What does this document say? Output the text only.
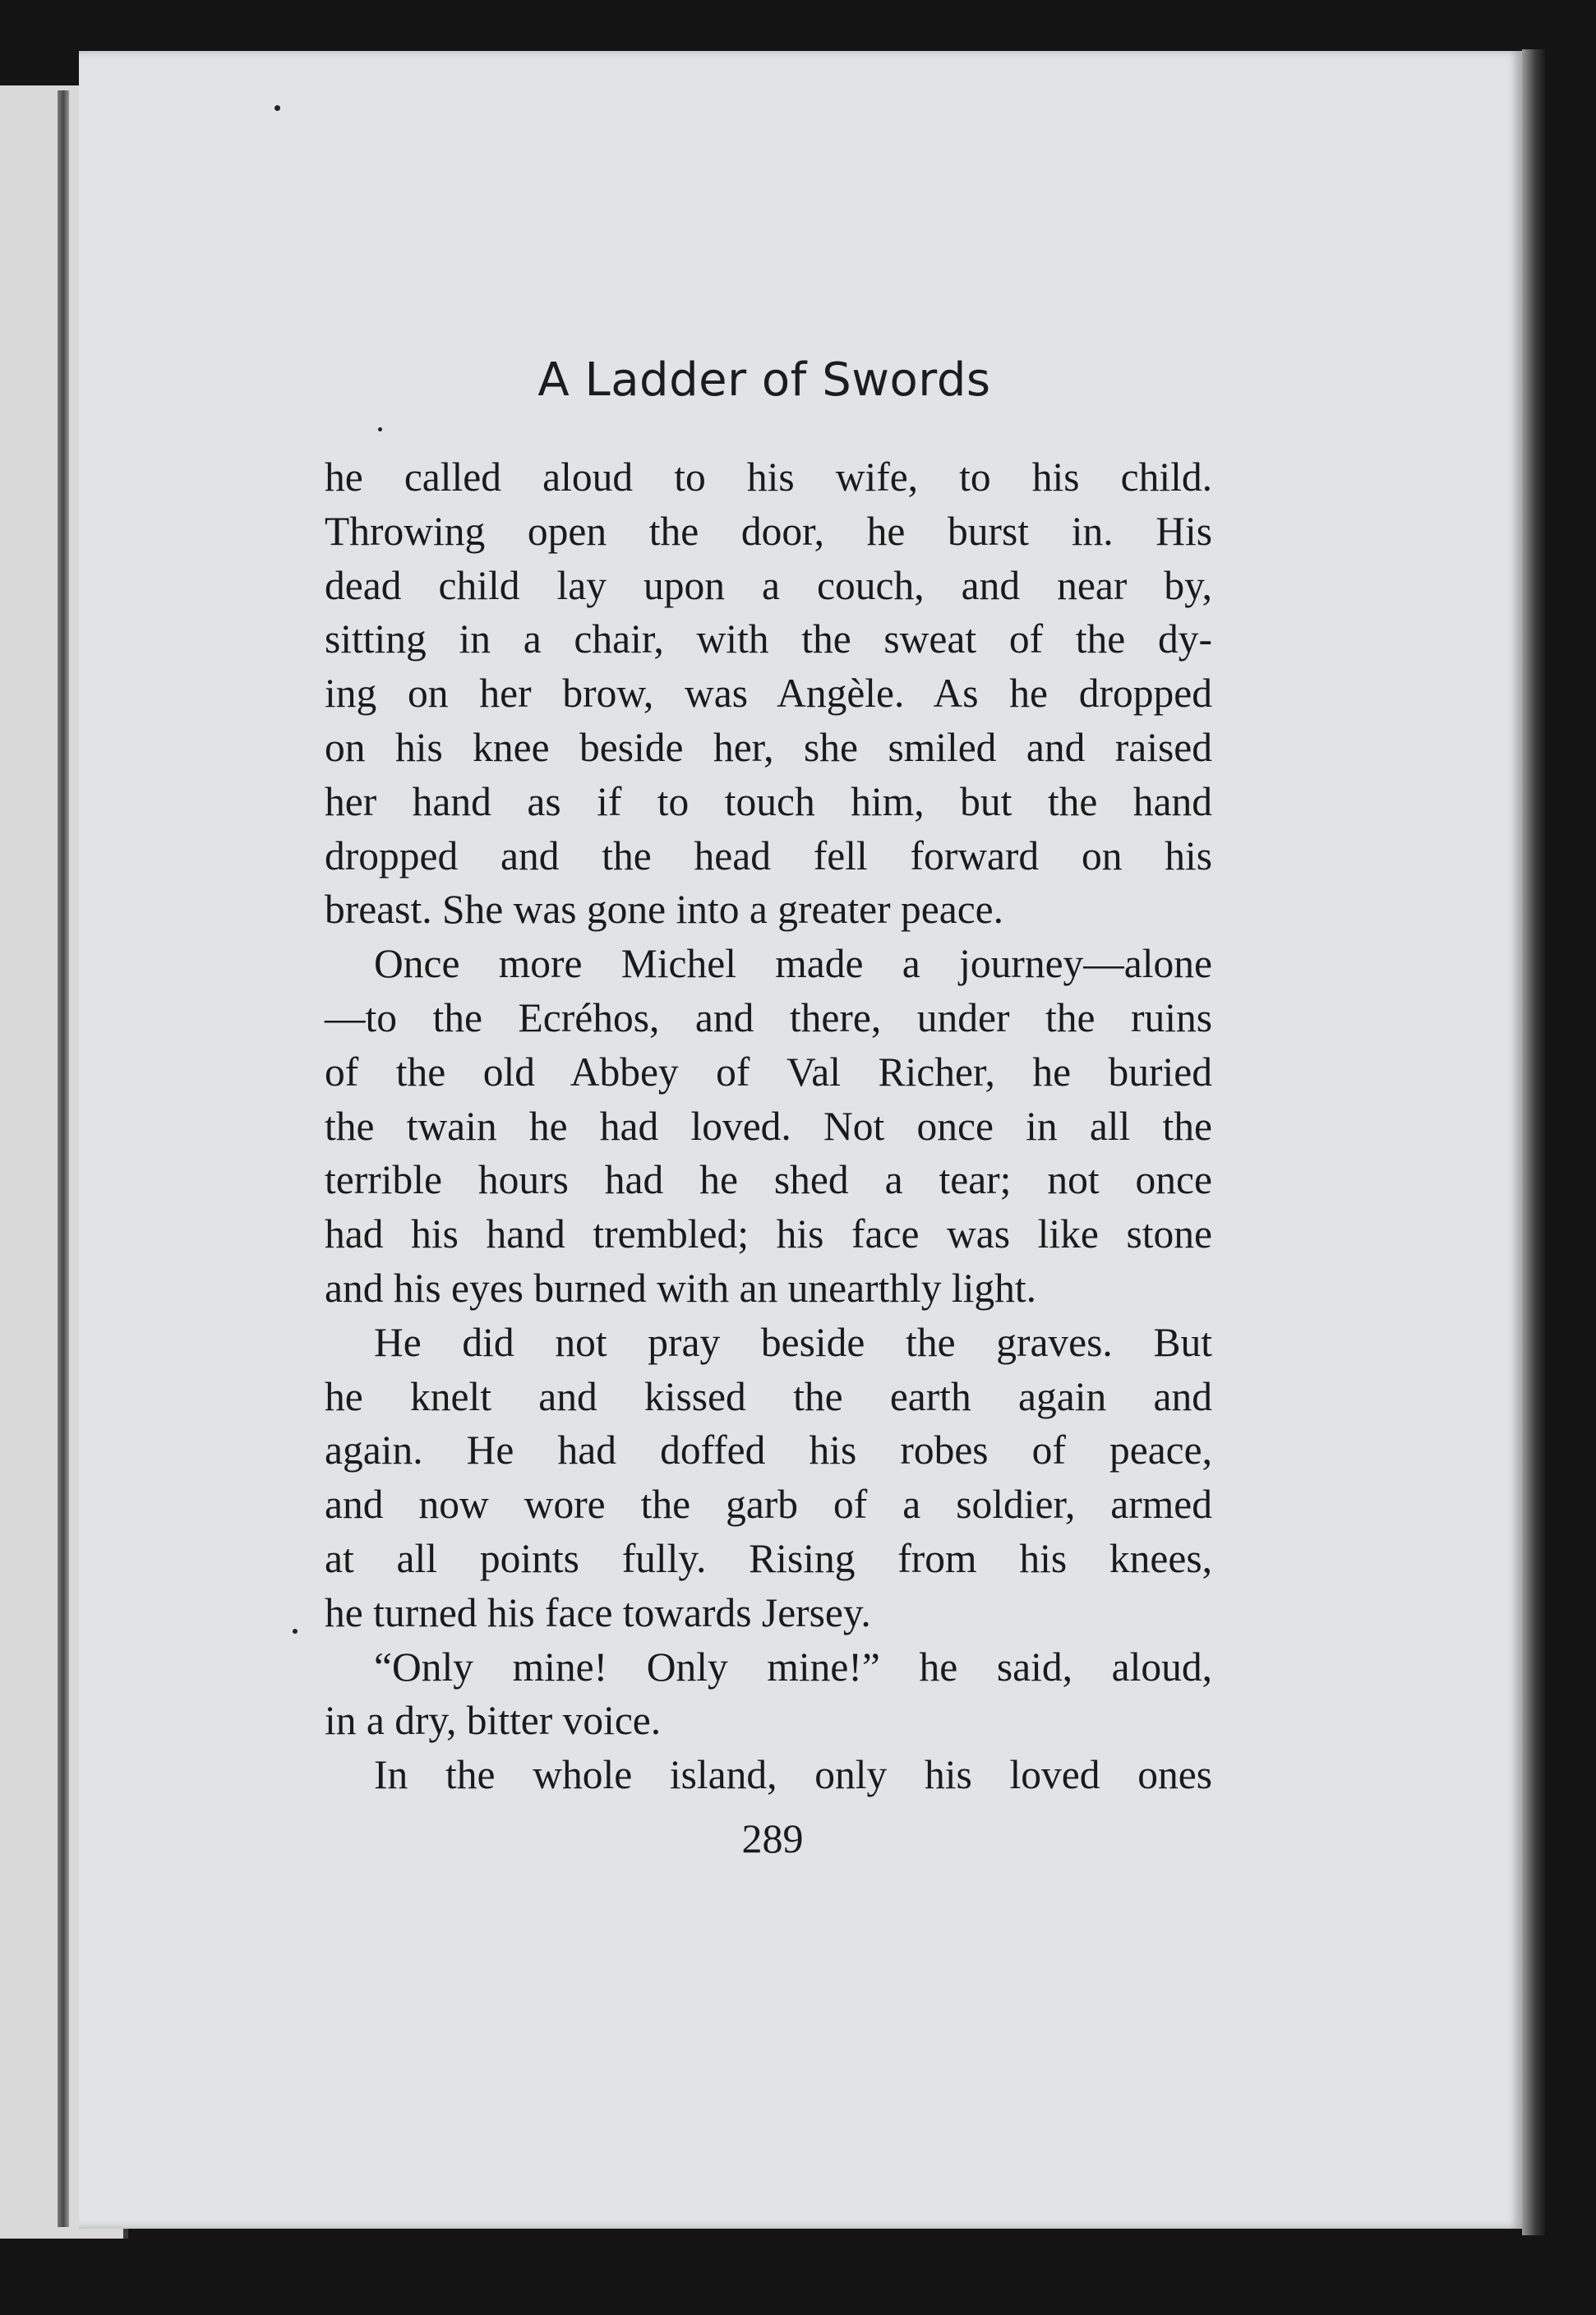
A Ladder of Swords
he called aloud to his wife, to his child.
Throwing open the door, he burst in. His
dead child lay upon a couch, and near by,
sitting in a chair, with the sweat of the dy-
ing on her brow, was Angèle. As he dropped
on his knee beside her, she smiled and raised
her hand as if to touch him, but the hand
dropped and the head fell forward on his
breast. She was gone into a greater peace.
Once more Michel made a journey—alone
—to the Ecréhos, and there, under the ruins
of the old Abbey of Val Richer, he buried
the twain he had loved. Not once in all the
terrible hours had he shed a tear; not once
had his hand trembled; his face was like stone
and his eyes burned with an unearthly light.
He did not pray beside the graves. But
he knelt and kissed the earth again and
again. He had doffed his robes of peace,
and now wore the garb of a soldier, armed
at all points fully. Rising from his knees,
he turned his face towards Jersey.
“Only mine! Only mine!” he said, aloud,
in a dry, bitter voice.
In the whole island, only his loved ones
289
